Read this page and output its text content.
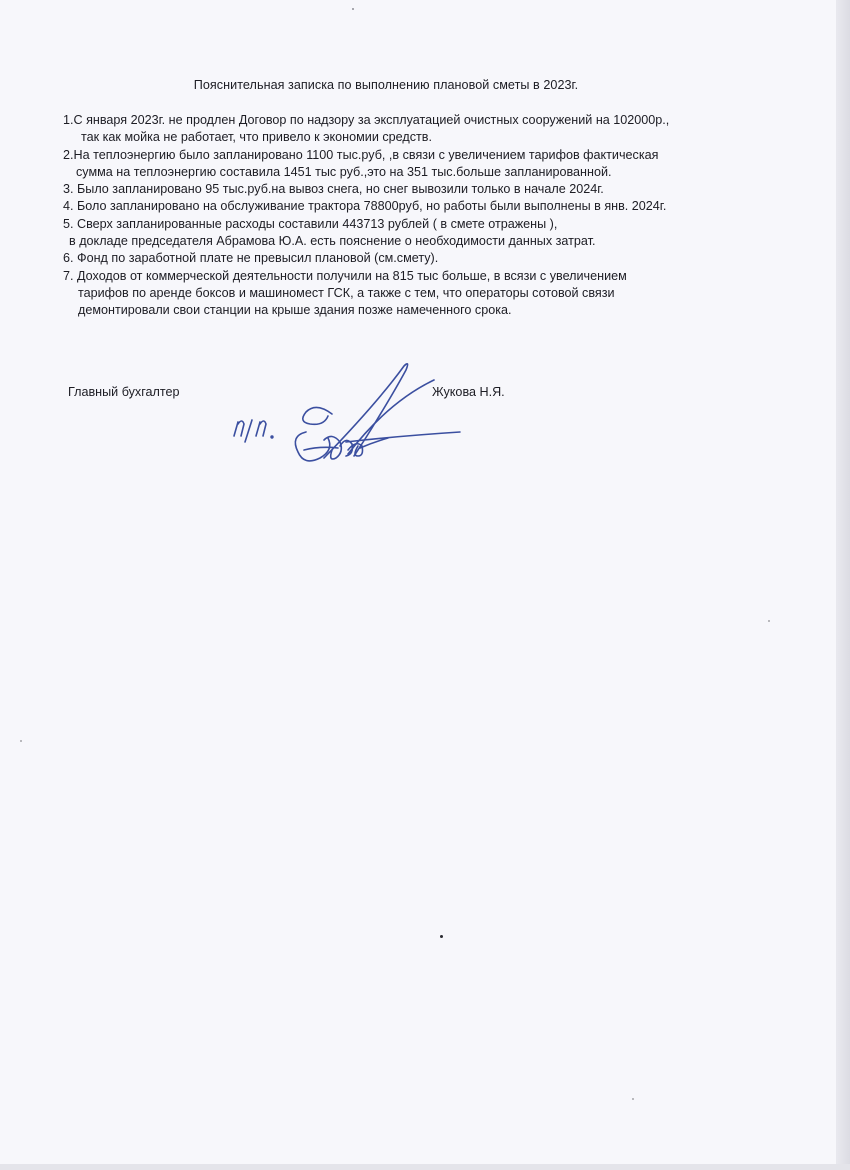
Пояснительная записка по выполнению плановой сметы в 2023г.
1.С января 2023г. не продлен Договор по надзору за эксплуатацией очистных сооружений на 102000р.,
так как мойка не работает, что привело к экономии средств.
2.На теплоэнергию было запланировано 1100 тыс.руб, ,в связи с увеличением тарифов фактическая
сумма на теплоэнергию составила 1451 тыс руб.,это на 351 тыс.больше запланированной.
3. Было запланировано 95 тыс.руб.на вывоз снега, но снег вывозили только в начале 2024г.
4. Боло запланировано на обслуживание трактора 78800руб, но работы были выполнены в янв. 2024г.
5. Сверх запланированные расходы составили 443713 рублей ( в смете отражены ),
в докладе председателя Абрамова Ю.А. есть пояснение о необходимости данных затрат.
6. Фонд по заработной плате не превысил плановой (см.смету).
7. Доходов от коммерческой деятельности получили на 815 тыс больше, в всязи с увеличением
тарифов по аренде боксов и машиномест ГСК, а также с тем, что операторы сотовой связи
демонтировали свои станции на крыше здания позже намеченного срока.
Главный бухгалтер	Жукова Н.Я.
